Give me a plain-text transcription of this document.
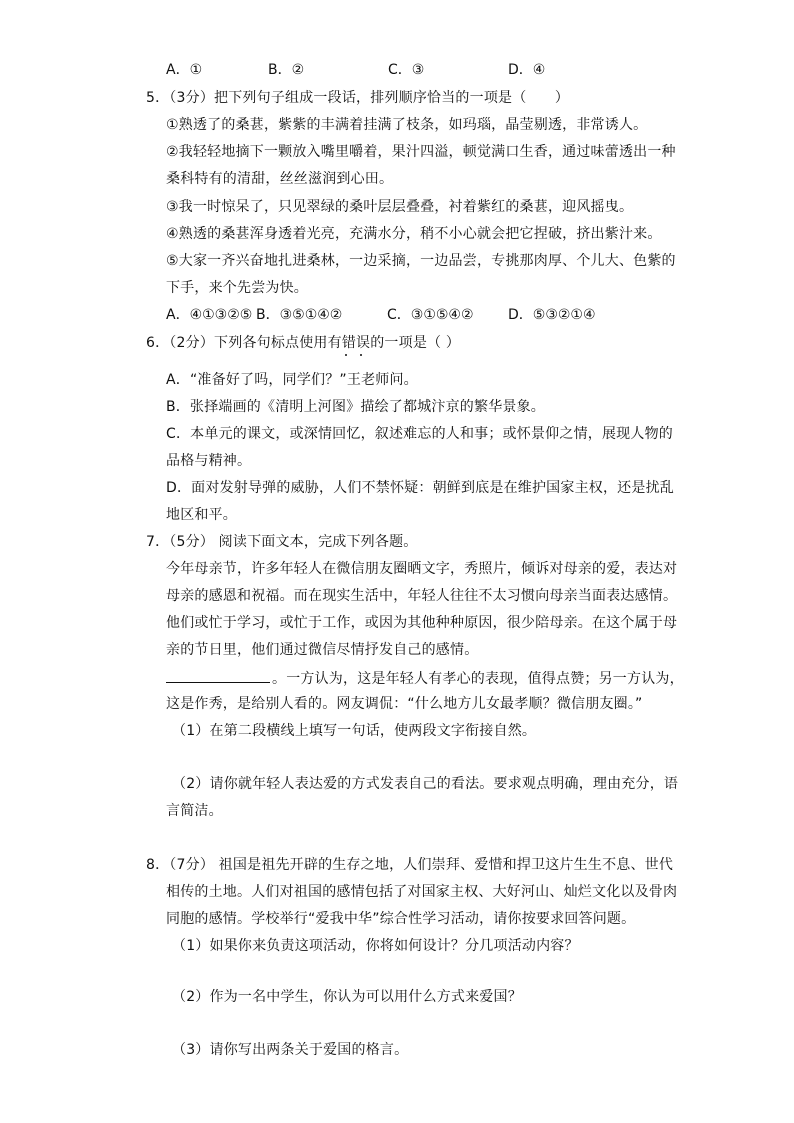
A．①	B．②	C．③	D．④
5．（3分）把下列句子组成一段话，排列顺序恰当的一项是（　　）
①熟透了的桑葚，紫紫的丰满着挂满了枝条，如玛瑙，晶莹剔透，非常诱人。
②我轻轻地摘下一颗放入嘴里嚼着，果汁四溢，顿觉满口生香，通过味蕾透出一种
桑科特有的清甜，丝丝滋润到心田。
③我一时惊呆了，只见翠绿的桑叶层层叠叠，衬着紫红的桑葚，迎风摇曳。
④熟透的桑葚浑身透着光亮，充满水分，稍不小心就会把它捏破，挤出紫汁来。
⑤大家一齐兴奋地扎进桑林，一边采摘，一边品尝，专挑那肉厚、个儿大、色紫的
下手，来个先尝为快。
A．④①③②⑤ B．③⑤①④②	C．③①⑤④② D．⑤③②①④
6．（2分）下列各句标点使用有错误的一项是（ ）
A．“准备好了吗，同学们？”王老师问。
B．张择端画的《清明上河图》描绘了都城汴京的繁华景象。
C．本单元的课文，或深情回忆，叙述难忘的人和事；或怀景仰之情，展现人物的
品格与精神。
D．面对发射导弹的威胁，人们不禁怀疑：朝鲜到底是在维护国家主权，还是扰乱
地区和平。
7．（5分） 阅读下面文本，完成下列各题。
今年母亲节，许多年轻人在微信朋友圈晒文字，秀照片，倾诉对母亲的爱，表达对
母亲的感恩和祝福。而在现实生活中，年轻人往往不太习惯向母亲当面表达感情。
他们或忙于学习，或忙于工作，或因为其他种种原因，很少陪母亲。在这个属于母
亲的节日里，他们通过微信尽情抒发自己的感情。
。一方认为，这是年轻人有孝心的表现，值得点赞；另一方认为，
这是作秀，是给别人看的。网友调侃：“什么地方儿女最孝顺？微信朋友圈。”
（1）在第二段横线上填写一句话，使两段文字衔接自然。
（2）请你就年轻人表达爱的方式发表自己的看法。要求观点明确，理由充分，语
言简洁。
8．（7分） 祖国是祖先开辟的生存之地，人们崇拜、爱惜和捍卫这片生生不息、世代
相传的土地。人们对祖国的感情包括了对国家主权、大好河山、灿烂文化以及骨肉
同胞的感情。学校举行“爱我中华”综合性学习活动，请你按要求回答问题。
（1）如果你来负责这项活动，你将如何设计？分几项活动内容？
（2）作为一名中学生，你认为可以用什么方式来爱国？
（3）请你写出两条关于爱国的格言。
